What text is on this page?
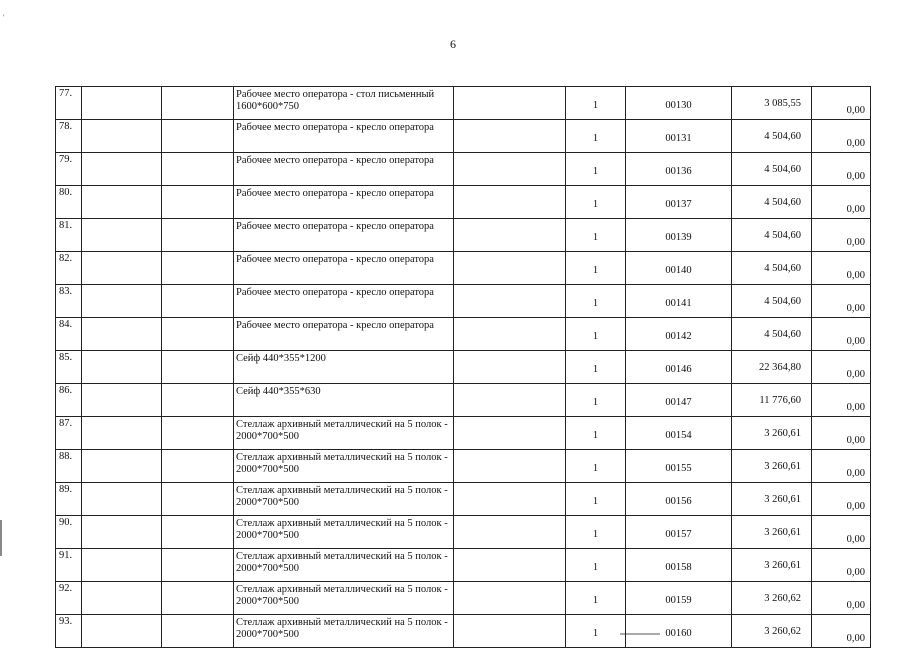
'
6
77.			Рабочее место оператора - стол письменный 1600*600*750		1	00130	3 085,55	0,00
78.			Рабочее место оператора - кресло оператора		1	00131	4 504,60	0,00
79.			Рабочее место оператора - кресло оператора		1	00136	4 504,60	0,00
80.			Рабочее место оператора - кресло оператора		1	00137	4 504,60	0,00
81.			Рабочее место оператора - кресло оператора		1	00139	4 504,60	0,00
82.			Рабочее место оператора - кресло оператора		1	00140	4 504,60	0,00
83.			Рабочее место оператора - кресло оператора		1	00141	4 504,60	0,00
84.			Рабочее место оператора - кресло оператора		1	00142	4 504,60	0,00
85.			Сейф 440*355*1200		1	00146	22 364,80	0,00
86.			Сейф 440*355*630		1	00147	11 776,60	0,00
87.			Стеллаж архивный металлический на 5 полок - 2000*700*500		1	00154	3 260,61	0,00
88.			Стеллаж архивный металлический на 5 полок - 2000*700*500		1	00155	3 260,61	0,00
89.			Стеллаж архивный металлический на 5 полок - 2000*700*500		1	00156	3 260,61	0,00
90.			Стеллаж архивный металлический на 5 полок - 2000*700*500		1	00157	3 260,61	0,00
91.			Стеллаж архивный металлический на 5 полок - 2000*700*500		1	00158	3 260,61	0,00
92.			Стеллаж архивный металлический на 5 полок - 2000*700*500		1	00159	3 260,62	0,00
93.			Стеллаж архивный металлический на 5 полок - 2000*700*500		1	00160	3 260,62	0,00
